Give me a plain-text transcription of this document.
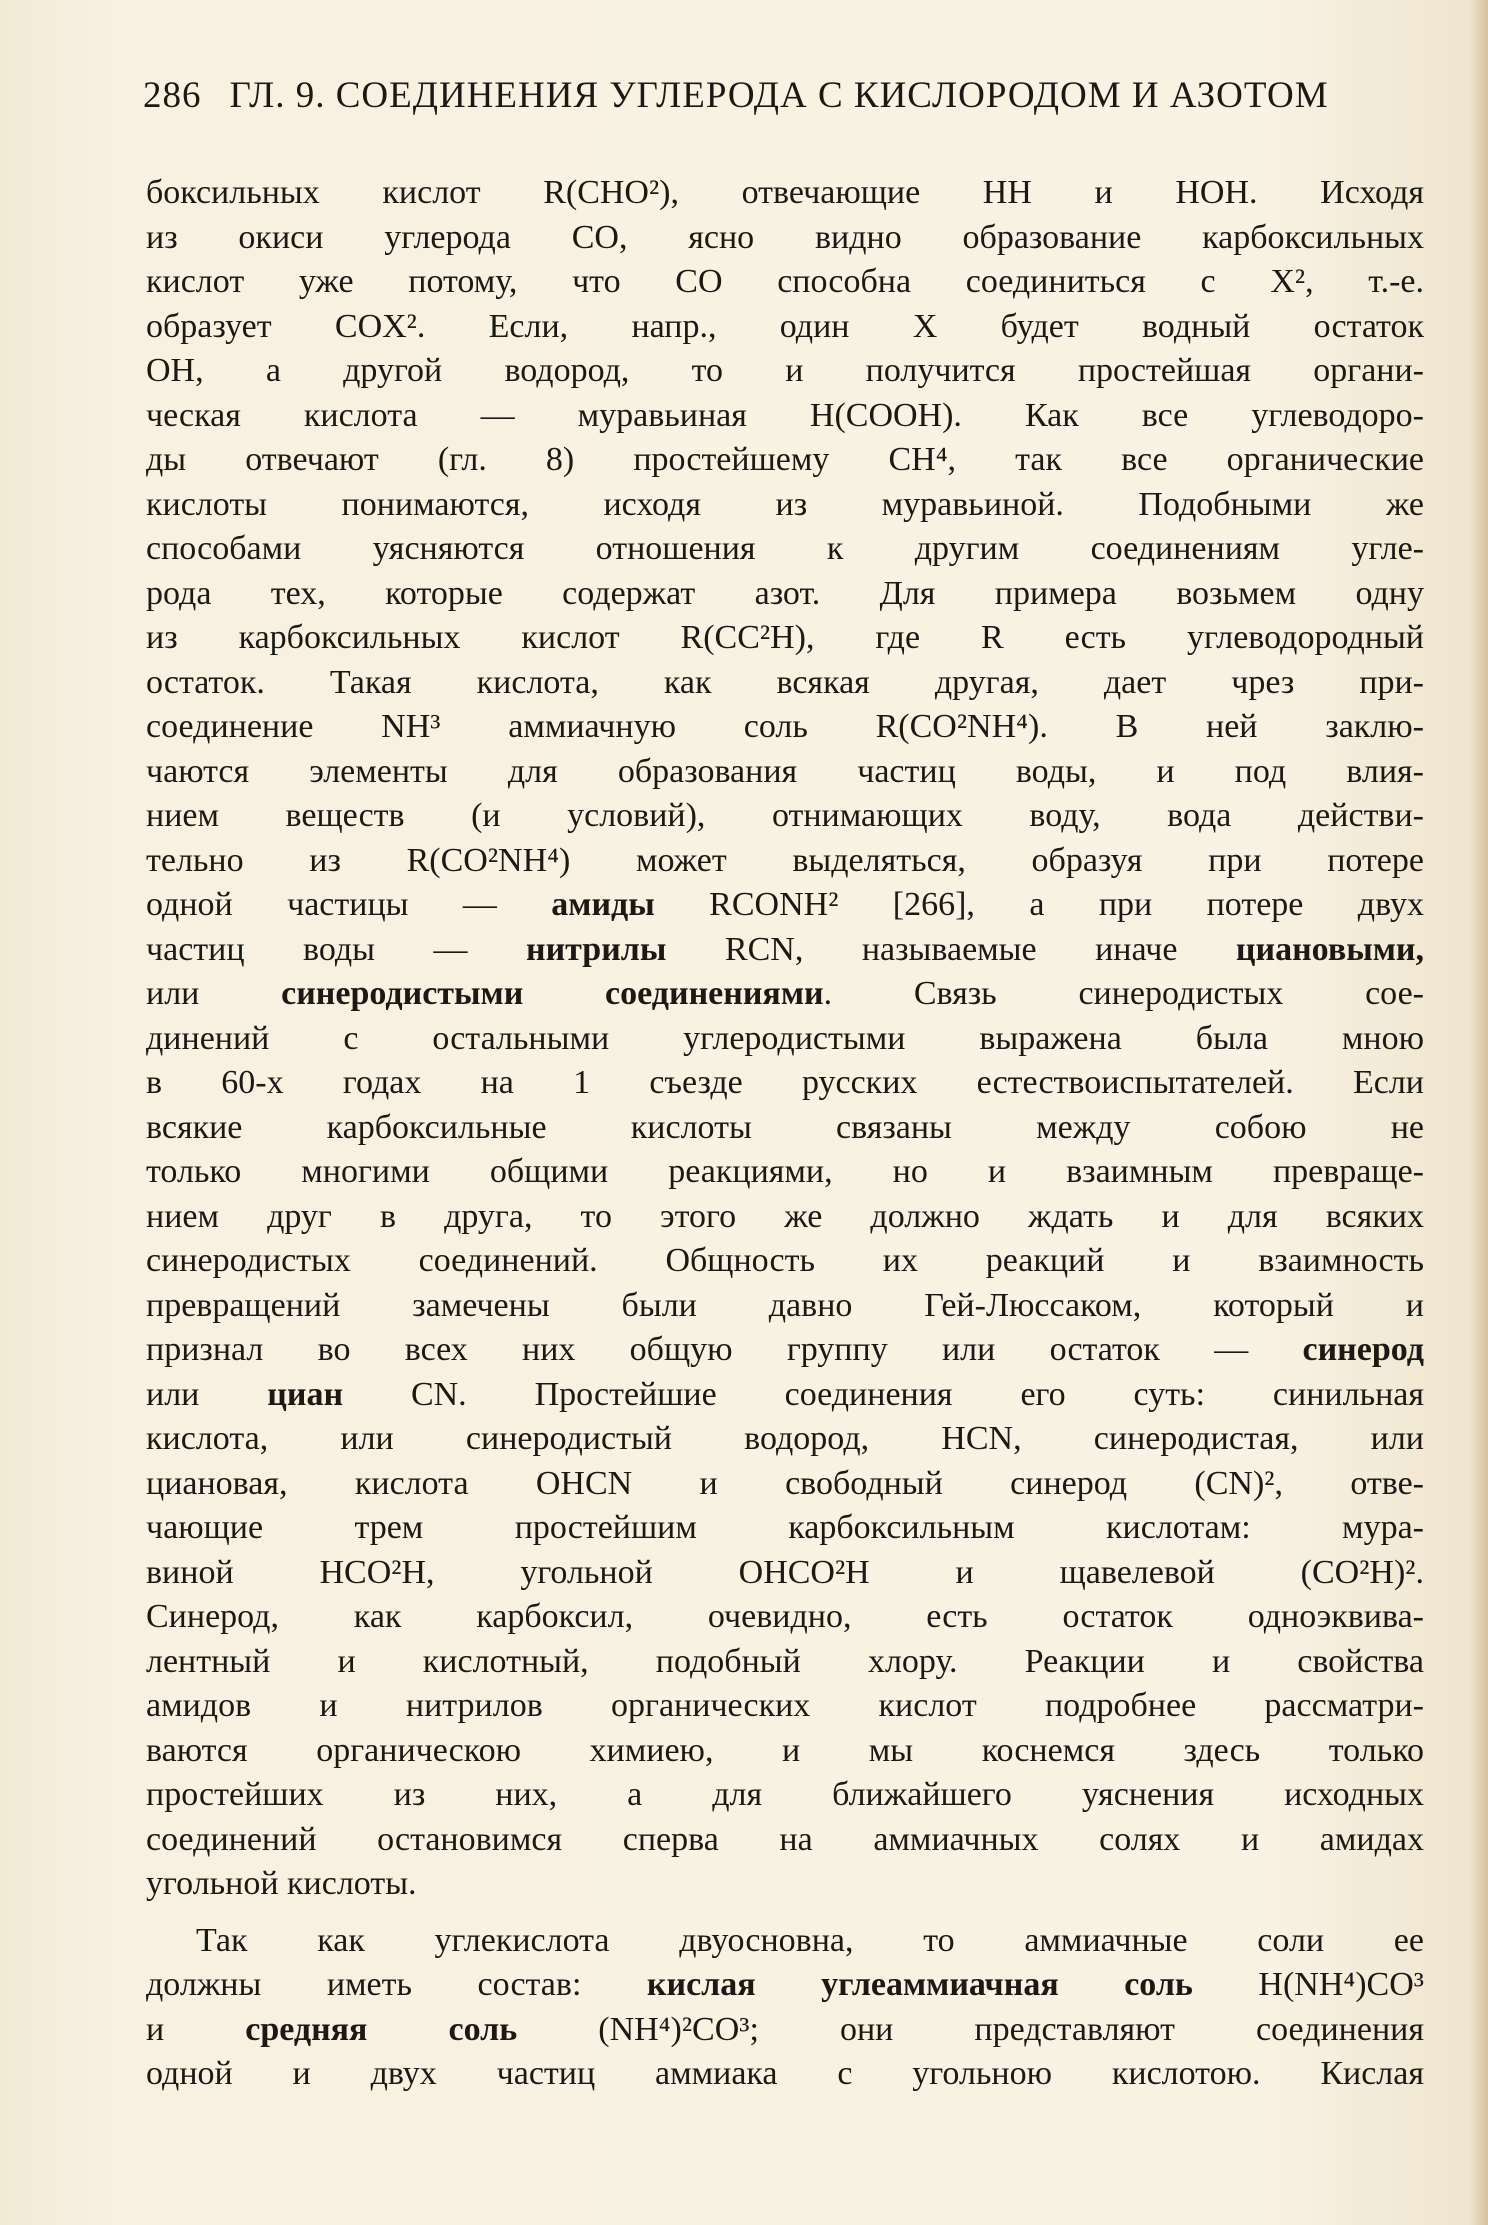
286 ГЛ. 9. СОЕДИНЕНИЯ УГЛЕРОДА С КИСЛОРОДОМ И АЗОТОМ
боксильных кислот R(CHO²), отвечающие HH и HOH. Исходя
из окиси углерода CO, ясно видно образование карбоксильных
кислот уже потому, что CO способна соединиться с X², т.-е.
образует COX². Если, напр., один X будет водный остаток
OH, а другой водород, то и получится простейшая органи-
ческая кислота — муравьиная H(COOH). Как все углеводоро-
ды отвечают (гл. 8) простейшему CH⁴, так все органические
кислоты понимаются, исходя из муравьиной. Подобными же
способами уясняются отношения к другим соединениям угле-
рода тех, которые содержат азот. Для примера возьмем одну
из карбоксильных кислот R(CC²H), где R есть углеводородный
остаток. Такая кислота, как всякая другая, дает чрез при-
соединение NH³ аммиачную соль R(CO²NH⁴). В ней заклю-
чаются элементы для образования частиц воды, и под влия-
нием веществ (и условий), отнимающих воду, вода действи-
тельно из R(CO²NH⁴) может выделяться, образуя при потере
одной частицы — амиды RCONH² [266], а при потере двух
частиц воды — нитрилы RCN, называемые иначе циановыми,
или синеродистыми соединениями. Связь синеродистых сое-
динений с остальными углеродистыми выражена была мною
в 60-х годах на 1 съезде русских естествоиспытателей. Если
всякие карбоксильные кислоты связаны между собою не
только многими общими реакциями, но и взаимным превраще-
нием друг в друга, то этого же должно ждать и для всяких
синеродистых соединений. Общность их реакций и взаимность
превращений замечены были давно Гей-Люссаком, который и
признал во всех них общую группу или остаток — синерод
или циан CN. Простейшие соединения его суть: синильная
кислота, или синеродистый водород, HCN, синеродистая, или
циановая, кислота OHCN и свободный синерод (CN)², отве-
чающие трем простейшим карбоксильным кислотам: мура-
виной HCO²H, угольной OHCO²H и щавелевой (CO²H)².
Синерод, как карбоксил, очевидно, есть остаток одноэквива-
лентный и кислотный, подобный хлору. Реакции и свойства
амидов и нитрилов органических кислот подробнее рассматри-
ваются органическою химиею, и мы коснемся здесь только
простейших из них, а для ближайшего уяснения исходных
соединений остановимся сперва на аммиачных солях и амидах
угольной кислоты.
Так как углекислота двуосновна, то аммиачные соли ее
должны иметь состав: кислая углеаммиачная соль H(NH⁴)CO³
и средняя соль (NH⁴)²CO³; они представляют соединения
одной и двух частиц аммиака с угольною кислотою. Кислая
